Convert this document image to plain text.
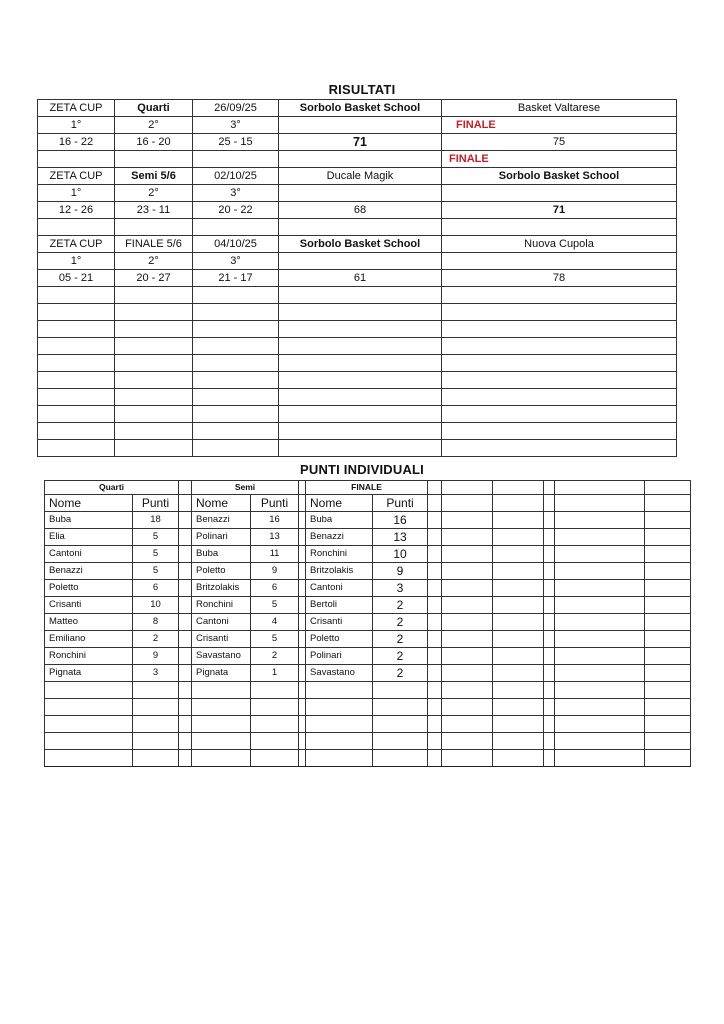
RISULTATI
ZETA CUP	Quarti	26/09/25	Sorbolo Basket School	Basket Valtarese
1°	2°	3°		FINALE
16 - 22	16 - 20	25 - 15	71	75
				FINALE
ZETA CUP	Semi 5/6	02/10/25	Ducale Magik	Sorbolo Basket School
1°	2°	3°		
12 - 26	23 - 11	20 - 22	68	71

ZETA CUP	FINALE 5/6	04/10/25	Sorbolo Basket School	Nuova Cupola
1°	2°	3°		
05 - 21	20 - 27	21 - 17	61	78

PUNTI INDIVIDUALI
Quarti			Semi			FINALE							
Nome	Punti		Nome	Punti		Nome	Punti						
Buba	18		Benazzi	16		Buba	16						
Elia	5		Polinari	13		Benazzi	13						
Cantoni	5		Buba	11		Ronchini	10						
Benazzi	5		Poletto	9		Britzolakis	9						
Poletto	6		Britzolakis	6		Cantoni	3						
Crisanti	10		Ronchini	5		Bertoli	2						
Matteo	8		Cantoni	4		Crisanti	2						
Emiliano	2		Crisanti	5		Poletto	2						
Ronchini	9		Savastano	2		Polinari	2						
Pignata	3		Pignata	1		Savastano	2						
